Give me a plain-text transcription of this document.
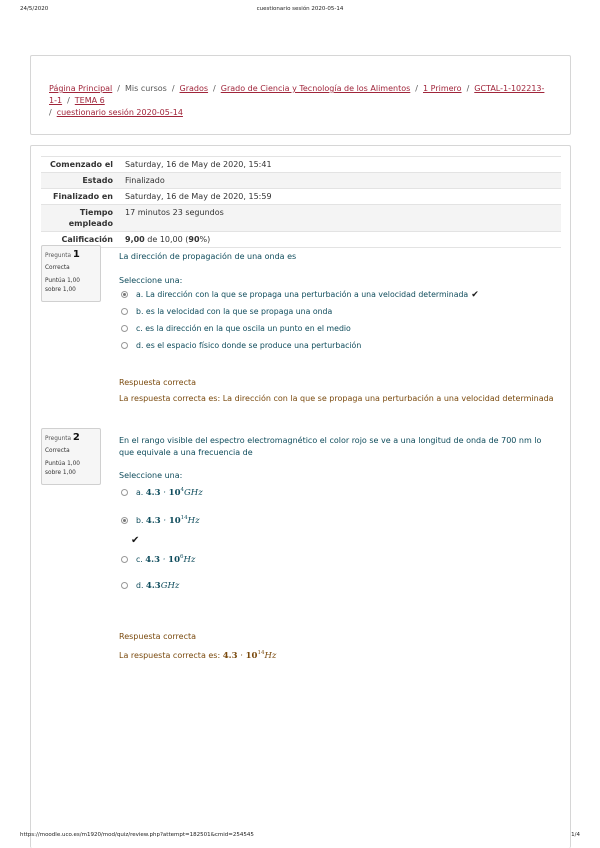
24/5/2020	cuestionario sesión 2020-05-14
Página Principal / Mis cursos / Grados / Grado de Ciencia y Tecnología de los Alimentos / 1 Primero / GCTAL-1-102213-1-1 / TEMA 6
/ cuestionario sesión 2020-05-14
Comenzado el	Saturday, 16 de May de 2020, 15:41
Estado	Finalizado
Finalizado en	Saturday, 16 de May de 2020, 15:59
Tiempo empleado	17 minutos 23 segundos
Calificación	9,00 de 10,00 (90%)
Pregunta 1
Correcta
Puntúa 1,00 sobre 1,00
La dirección de propagación de una onda es
Seleccione una:
a. La dirección con la que se propaga una perturbación a una velocidad determinada ✔
b. es la velocidad con la que se propaga una onda
c. es la dirección en la que oscila un punto en el medio
d. es el espacio físico donde se produce una perturbación
Respuesta correcta
La respuesta correcta es: La dirección con la que se propaga una perturbación a una velocidad determinada
Pregunta 2
Correcta
Puntúa 1,00 sobre 1,00
En el rango visible del espectro electromagnético el color rojo se ve a una longitud de onda de 700 nm lo que equivale a una frecuencia de
Seleccione una:
a. $4.3 \cdot 10^4GHz$
b. $4.3 \cdot 10^{14}Hz$
✔
c. $4.3 \cdot 10^6Hz$
d. 4.3GHz
Respuesta correcta
La respuesta correcta es: $4.3 \cdot 10^{14}Hz$
https://moodle.uco.es/m1920/mod/quiz/review.php?attempt=182501&cmid=254545	1/4
